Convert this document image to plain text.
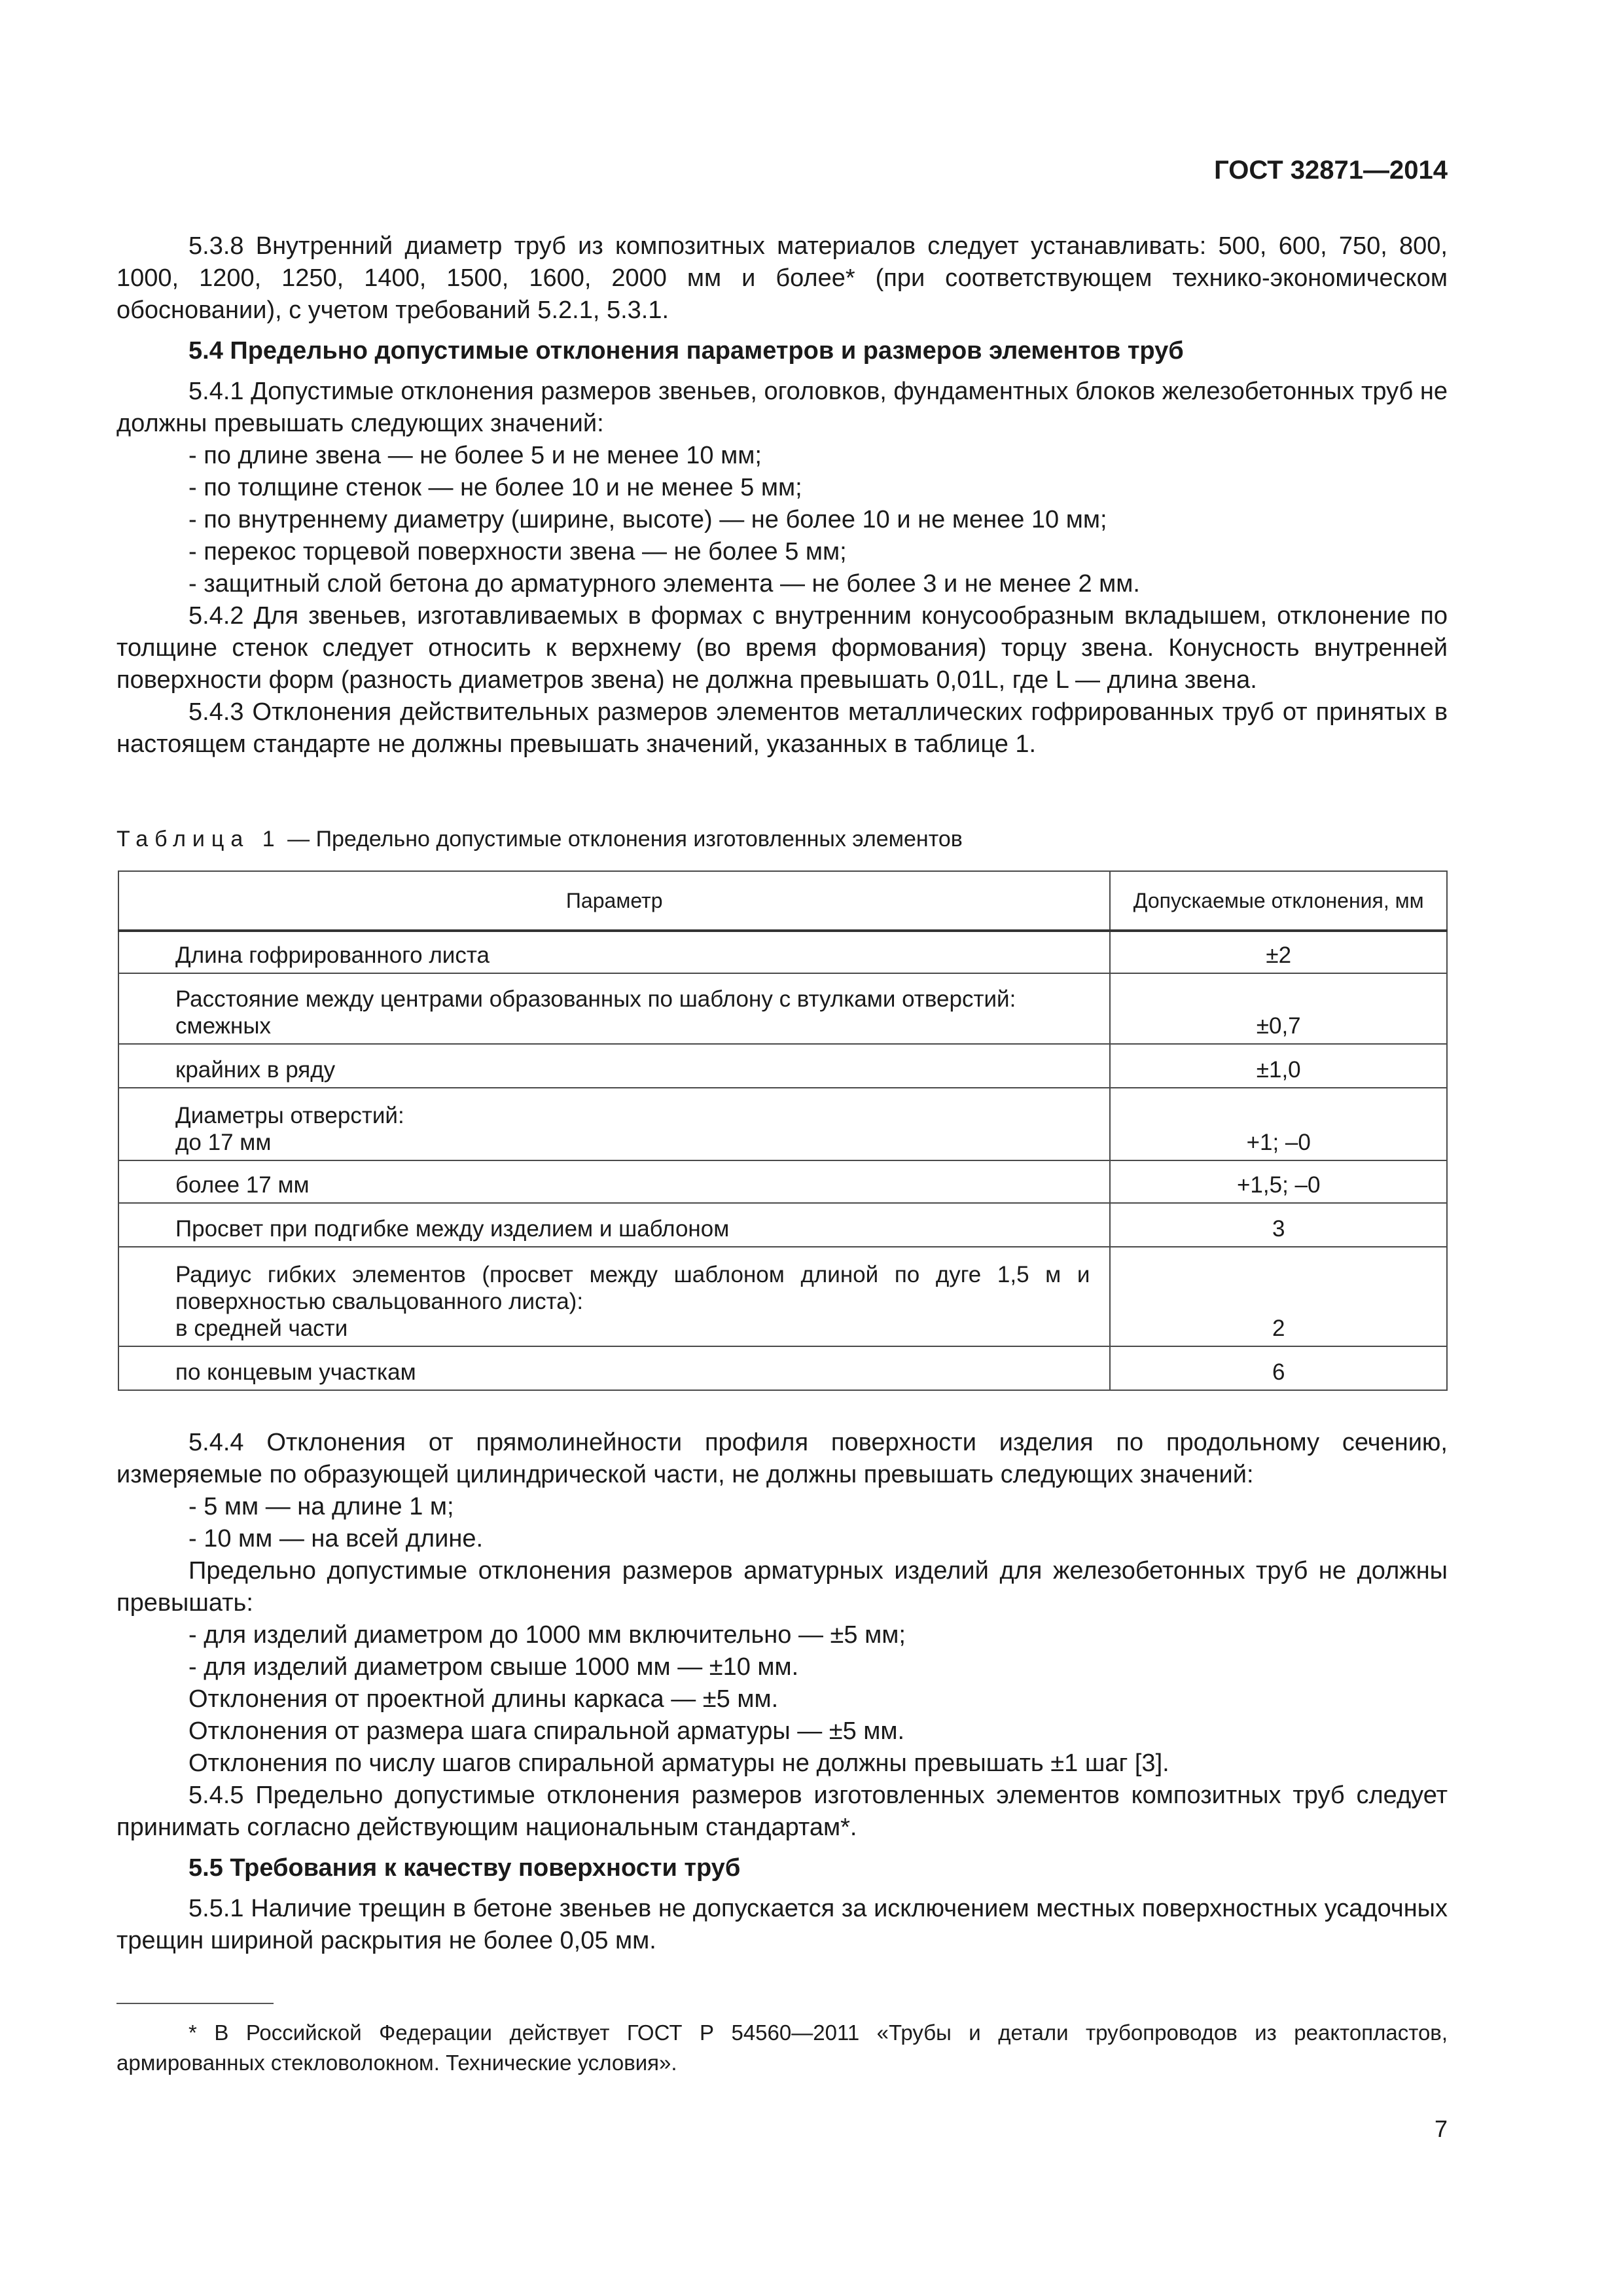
ГОСТ 32871—2014

5.3.8 Внутренний диаметр труб из композитных материалов следует устанавливать: 500, 600, 750, 800, 1000, 1200, 1250, 1400, 1500, 1600, 2000 мм и более* (при соответствующем технико-экономическом обосновании), с учетом требований 5.2.1, 5.3.1.

5.4 Предельно допустимые отклонения параметров и размеров элементов труб

5.4.1 Допустимые отклонения размеров звеньев, оголовков, фундаментных блоков железобетонных труб не должны превышать следующих значений:

- по длине звена — не более 5 и не менее 10 мм;

- по толщине стенок — не более 10 и не менее 5 мм;

- по внутреннему диаметру (ширине, высоте) — не более 10 и не менее 10 мм;

- перекос торцевой поверхности звена — не более 5 мм;

- защитный слой бетона до арматурного элемента — не более 3 и не менее 2 мм.

5.4.2 Для звеньев, изготавливаемых в формах с внутренним конусообразным вкладышем, отклонение по толщине стенок следует относить к верхнему (во время формования) торцу звена. Конусность внутренней поверхности форм (разность диаметров звена) не должна превышать 0,01L, где L — длина звена.

5.4.3 Отклонения действительных размеров элементов металлических гофрированных труб от принятых в настоящем стандарте не должны превышать значений, указанных в таблице 1.

Таблица 1 — Предельно допустимые отклонения изготовленных элементов
Параметр	Допускаемые отклонения, мм
Длина гофрированного листа	±2

Расстояние между центрами образованных по шаблону с втулками отверстий:
смежных	±0,7
крайних в ряду	±1,0

Диаметры отверстий:
до 17 мм	+1; –0
более 17 мм	+1,5; –0
Просвет при подгибке между изделием и шаблоном	3

Радиус гибких элементов (просвет между шаблоном длиной по дуге 1,5 м и поверхностью свальцованного листа):
в средней части	2
по концевым участкам	6

5.4.4 Отклонения от прямолинейности профиля поверхности изделия по продольному сечению, измеряемые по образующей цилиндрической части, не должны превышать следующих значений:

- 5 мм — на длине 1 м;

- 10 мм — на всей длине.

Предельно допустимые отклонения размеров арматурных изделий для железобетонных труб не должны превышать:

- для изделий диаметром до 1000 мм включительно — ±5 мм;

- для изделий диаметром свыше 1000 мм — ±10 мм.

Отклонения от проектной длины каркаса — ±5 мм.

Отклонения от размера шага спиральной арматуры — ±5 мм.

Отклонения по числу шагов спиральной арматуры не должны превышать ±1 шаг [3].

5.4.5 Предельно допустимые отклонения размеров изготовленных элементов композитных труб следует принимать согласно действующим национальным стандартам*.

5.5 Требования к качеству поверхности труб

5.5.1 Наличие трещин в бетоне звеньев не допускается за исключением местных поверхностных усадочных трещин шириной раскрытия не более 0,05 мм.

* В Российской Федерации действует ГОСТ Р 54560—2011 «Трубы и детали трубопроводов из реактопластов, армированных стекловолокном. Технические условия».

7
